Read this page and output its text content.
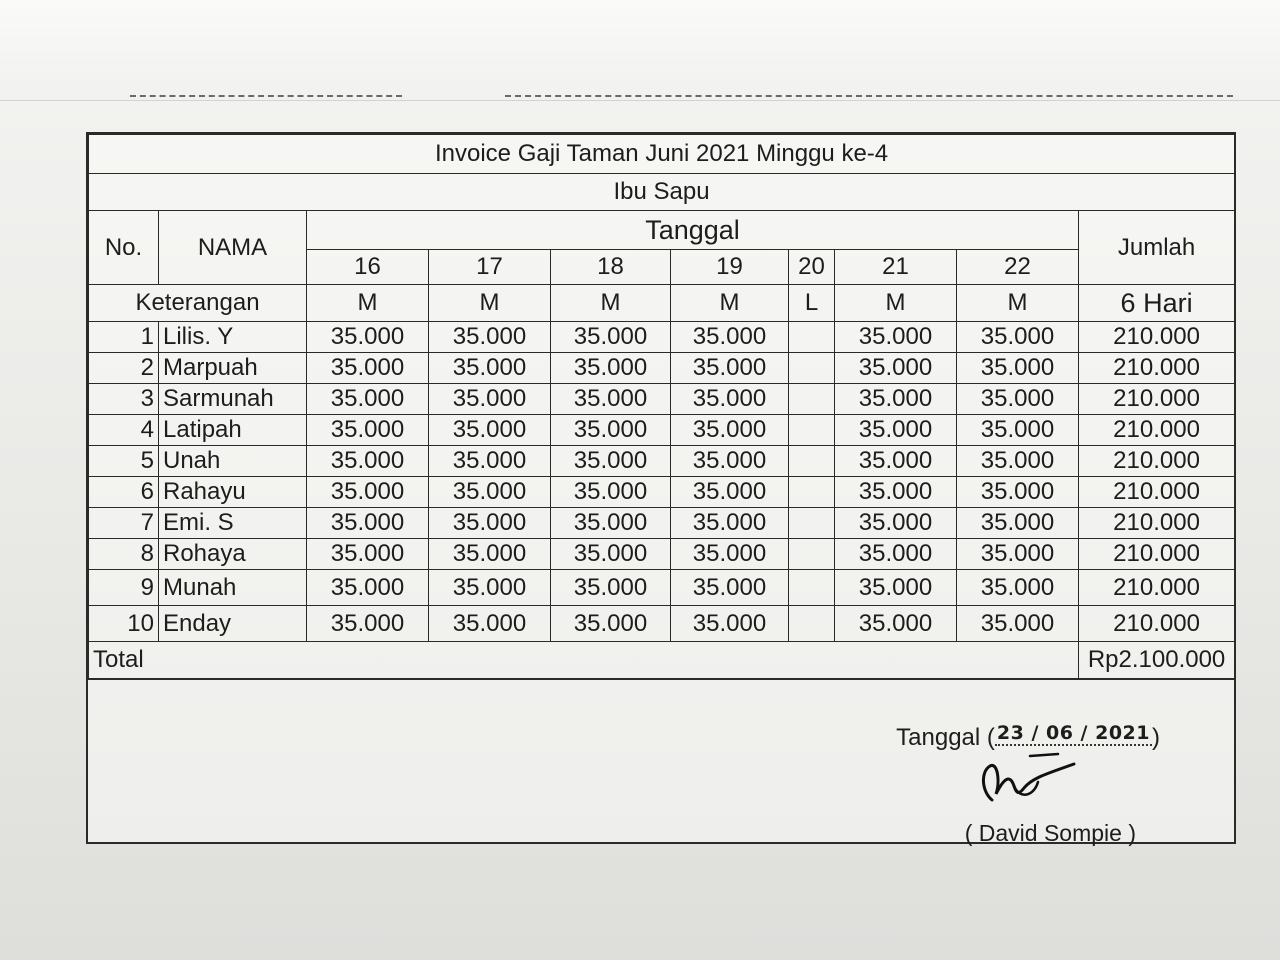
Invoice Gaji Taman Juni 2021 Minggu ke-4									
Ibu Sapu									
No.	NAMA	Tanggal							Jumlah
		16	17	18	19	20	21	22	
Keterangan		M	M	M	M	L	M	M	6 Hari
1	Lilis. Y	35.000	35.000	35.000	35.000		35.000	35.000	210.000
2	Marpuah	35.000	35.000	35.000	35.000		35.000	35.000	210.000
3	Sarmunah	35.000	35.000	35.000	35.000		35.000	35.000	210.000
4	Latipah	35.000	35.000	35.000	35.000		35.000	35.000	210.000
5	Unah	35.000	35.000	35.000	35.000		35.000	35.000	210.000
6	Rahayu	35.000	35.000	35.000	35.000		35.000	35.000	210.000
7	Emi. S	35.000	35.000	35.000	35.000		35.000	35.000	210.000
8	Rohaya	35.000	35.000	35.000	35.000		35.000	35.000	210.000
9	Munah	35.000	35.000	35.000	35.000		35.000	35.000	210.000
10	Enday	35.000	35.000	35.000	35.000		35.000	35.000	210.000
Total									Rp2.100.000
Tanggal ( $^{23 / 06 / 2021}$)
( David Sompie )
